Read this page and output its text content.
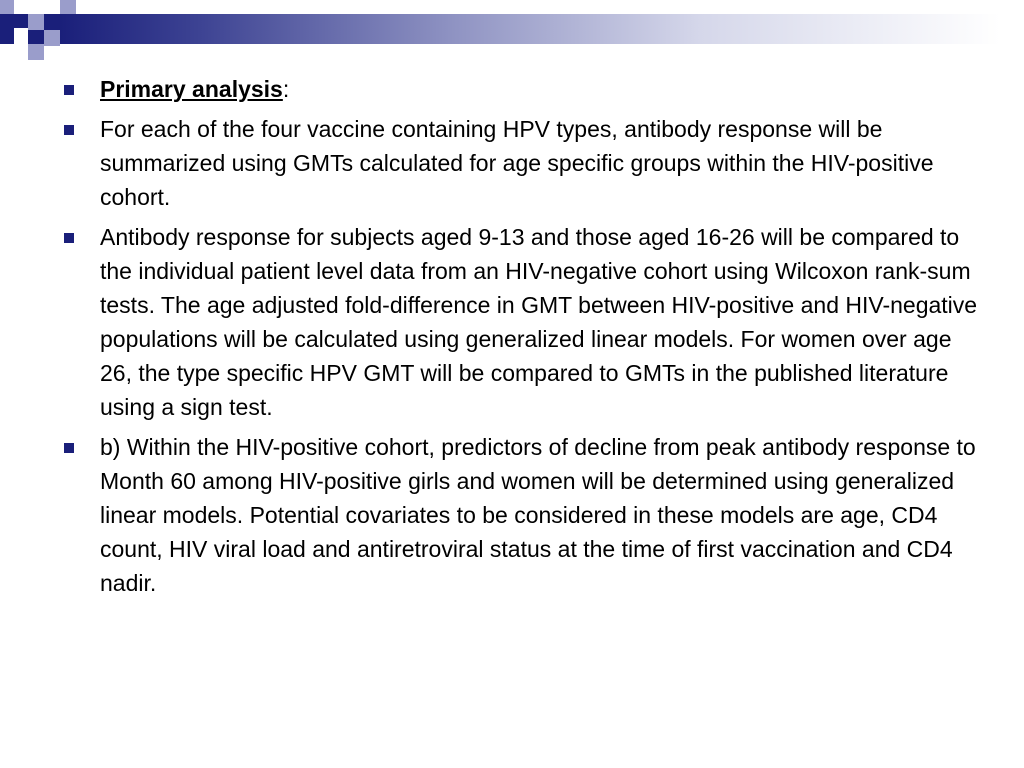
Primary analysis:
For each of the four vaccine containing HPV types, antibody response will be summarized using GMTs calculated for age specific groups within the HIV-positive cohort.
Antibody response for subjects aged 9-13 and those aged 16-26 will be compared to the individual patient level data from an HIV-negative cohort using Wilcoxon rank-sum tests. The age adjusted fold-difference in GMT between HIV-positive and HIV-negative populations will be calculated using generalized linear models. For women over age 26, the type specific HPV GMT will be compared to GMTs in the published literature using a sign test.
b) Within the HIV-positive cohort, predictors of decline from peak antibody response to Month 60 among HIV-positive girls and women will be determined using generalized linear models. Potential covariates to be considered in these models are age, CD4 count, HIV viral load and antiretroviral status at the time of first vaccination and CD4 nadir.
